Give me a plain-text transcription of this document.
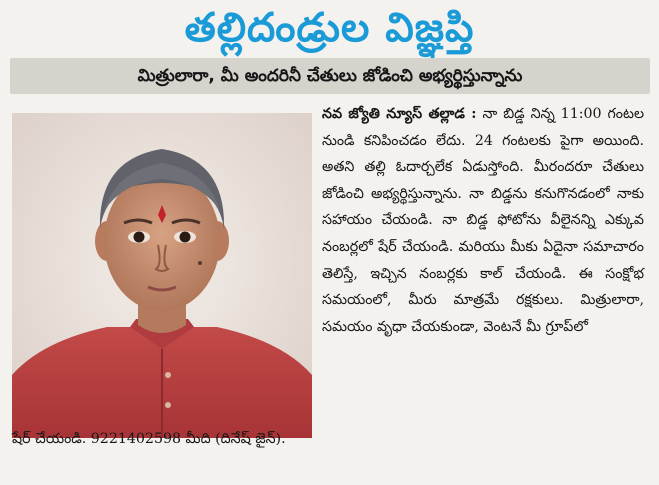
తల్లిదండ్రుల విజ్ఞప్తి
మిత్రులారా, మీ అందరినీ చేతులు జోడించి అభ్యర్థిస్తున్నాను

నవ జ్యోతి న్యూస్ తల్లాడ : నా బిడ్డ నిన్న 11:00 గంటల నుండి కనిపించడం లేదు. 24 గంటలకు పైగా అయింది. అతని తల్లి ఓదార్చలేక ఏడుస్తోంది. మీరందరూ చేతులు జోడించి అభ్యర్థిస్తున్నాను. నా బిడ్డను కనుగొనడంలో నాకు సహాయం చేయండి. నా బిడ్డ ఫోటోను వీలైనన్ని ఎక్కువ నంబర్లలో షేర్ చేయండి. మరియు మీకు ఏదైనా సమాచారం తెలిస్తే, ఇచ్చిన నంబర్లకు కాల్ చేయండి. ఈ సంక్షోభ సమయంలో, మీరు మాత్రమే రక్షకులు. మిత్రులారా, సమయం వృధా చేయకుండా, వెంటనే మీ గ్రూప్‌లో

షేర్ చేయండి. 9221402598 మీది (దినేష్ జైన్).
